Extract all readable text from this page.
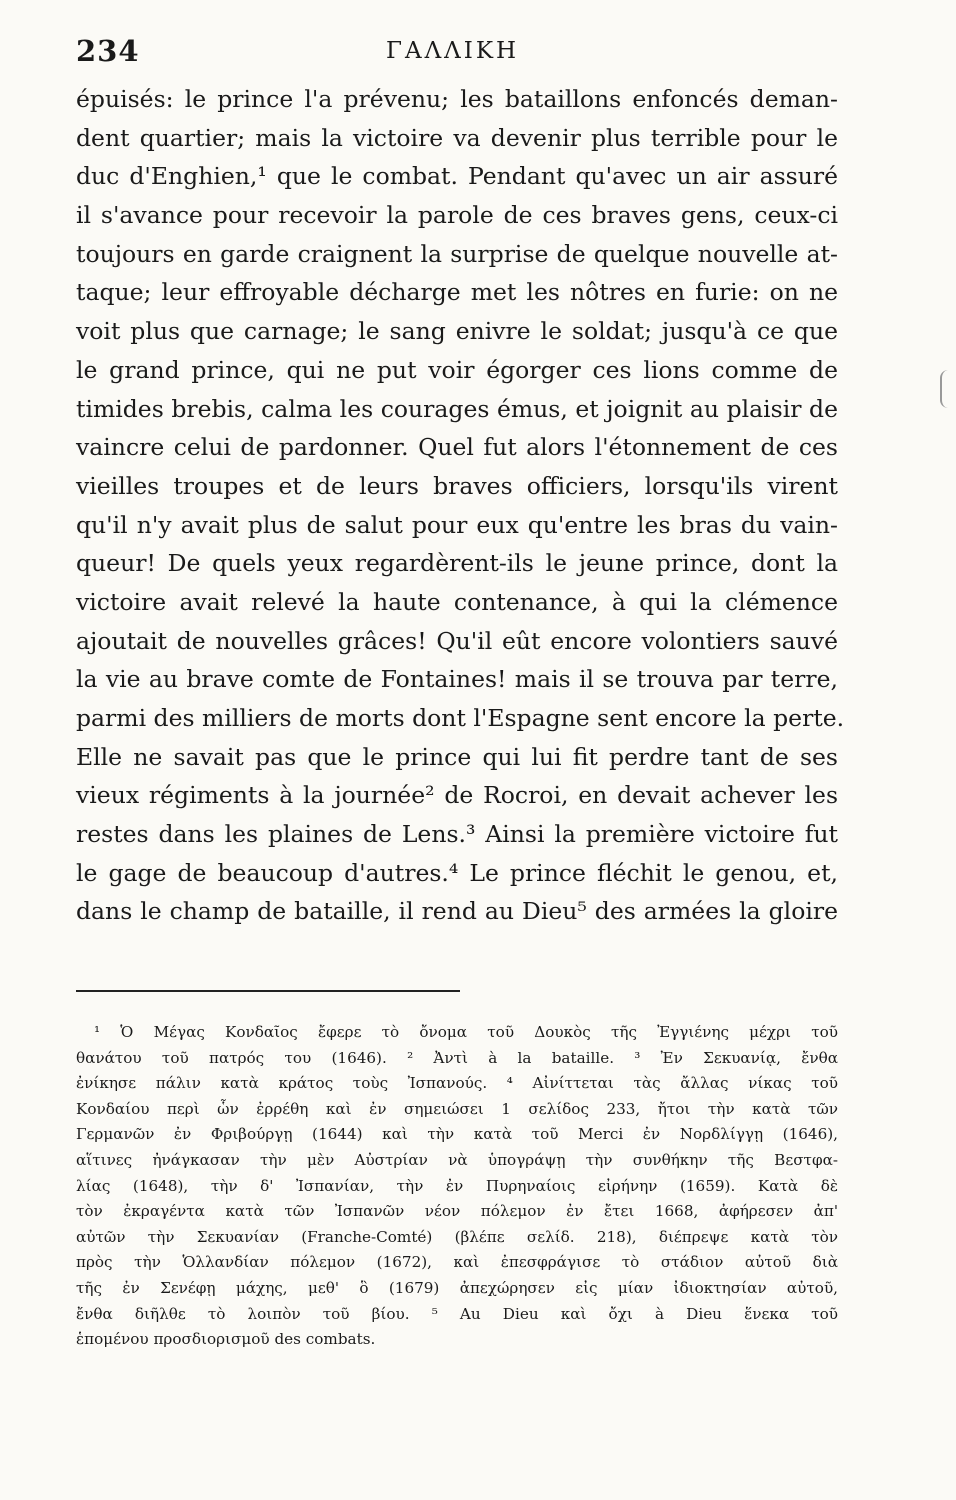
234	ΓΑΛΛΙΚΗ
épuisés: le prince l'a prévenu; les bataillons enfoncés deman-
dent quartier; mais la victoire va devenir plus terrible pour le
duc d'Enghien,¹ que le combat. Pendant qu'avec un air assuré
il s'avance pour recevoir la parole de ces braves gens, ceux-ci
toujours en garde craignent la surprise de quelque nouvelle at-
taque; leur effroyable décharge met les nôtres en furie: on ne
voit plus que carnage; le sang enivre le soldat; jusqu'à ce que
le grand prince, qui ne put voir égorger ces lions comme de
timides brebis, calma les courages émus, et joignit au plaisir de
vaincre celui de pardonner. Quel fut alors l'étonnement de ces
vieilles troupes et de leurs braves officiers, lorsqu'ils virent
qu'il n'y avait plus de salut pour eux qu'entre les bras du vain-
queur! De quels yeux regardèrent-ils le jeune prince, dont la
victoire avait relevé la haute contenance, à qui la clémence
ajoutait de nouvelles grâces! Qu'il eût encore volontiers sauvé
la vie au brave comte de Fontaines! mais il se trouva par terre,
parmi des milliers de morts dont l'Espagne sent encore la perte.
Elle ne savait pas que le prince qui lui fit perdre tant de ses
vieux régiments à la journée² de Rocroi, en devait achever les
restes dans les plaines de Lens.³ Ainsi la première victoire fut
le gage de beaucoup d'autres.⁴ Le prince fléchit le genou, et,
dans le champ de bataille, il rend au Dieu⁵ des armées la gloire
¹ Ὁ Μέγας Κονδαῖος ἔφερε τὸ ὄνομα τοῦ Δουκὸς τῆς Ἐγγιένης μέχρι τοῦ
θανάτου τοῦ πατρός του (1646). ² Ἀντὶ à la bataille. ³ Ἐν Σεκυανίᾳ, ἔνθα
ἐνίκησε πάλιν κατὰ κράτος τοὺς Ἰσπανούς. ⁴ Αἰνίττεται τὰς ἄλλας νίκας τοῦ
Κονδαίου περὶ ὧν ἐρρέθη καὶ ἐν σημειώσει 1 σελίδος 233, ἤτοι τὴν κατὰ τῶν
Γερμανῶν ἐν Φριβούργῃ (1644) καὶ τὴν κατὰ τοῦ Merci ἐν Νορδλίγγῃ (1646),
αἵτινες ἠνάγκασαν τὴν μὲν Αὐστρίαν νὰ ὑπογράψῃ τὴν συνθήκην τῆς Βεστφα-
λίας (1648), τὴν δ' Ἰσπανίαν, τὴν ἐν Πυρηναίοις εἰρήνην (1659). Κατὰ δὲ
τὸν ἐκραγέντα κατὰ τῶν Ἰσπανῶν νέον πόλεμον ἐν ἔτει 1668, ἀφήρεσεν ἀπ'
αὐτῶν τὴν Σεκυανίαν (Franche-Comté) (βλέπε σελίδ. 218), διέπρεψε κατὰ τὸν
πρὸς τὴν Ὁλλανδίαν πόλεμον (1672), καὶ ἐπεσφράγισε τὸ στάδιον αὐτοῦ διὰ
τῆς ἐν Σενέφῃ μάχης, μεθ' ὃ (1679) ἀπεχώρησεν εἰς μίαν ἰδιοκτησίαν αὐτοῦ,
ἔνθα διῆλθε τὸ λοιπὸν τοῦ βίου. ⁵ Au Dieu καὶ ὄχι à Dieu ἕνεκα τοῦ
ἑπομένου προσδιορισμοῦ des combats.
